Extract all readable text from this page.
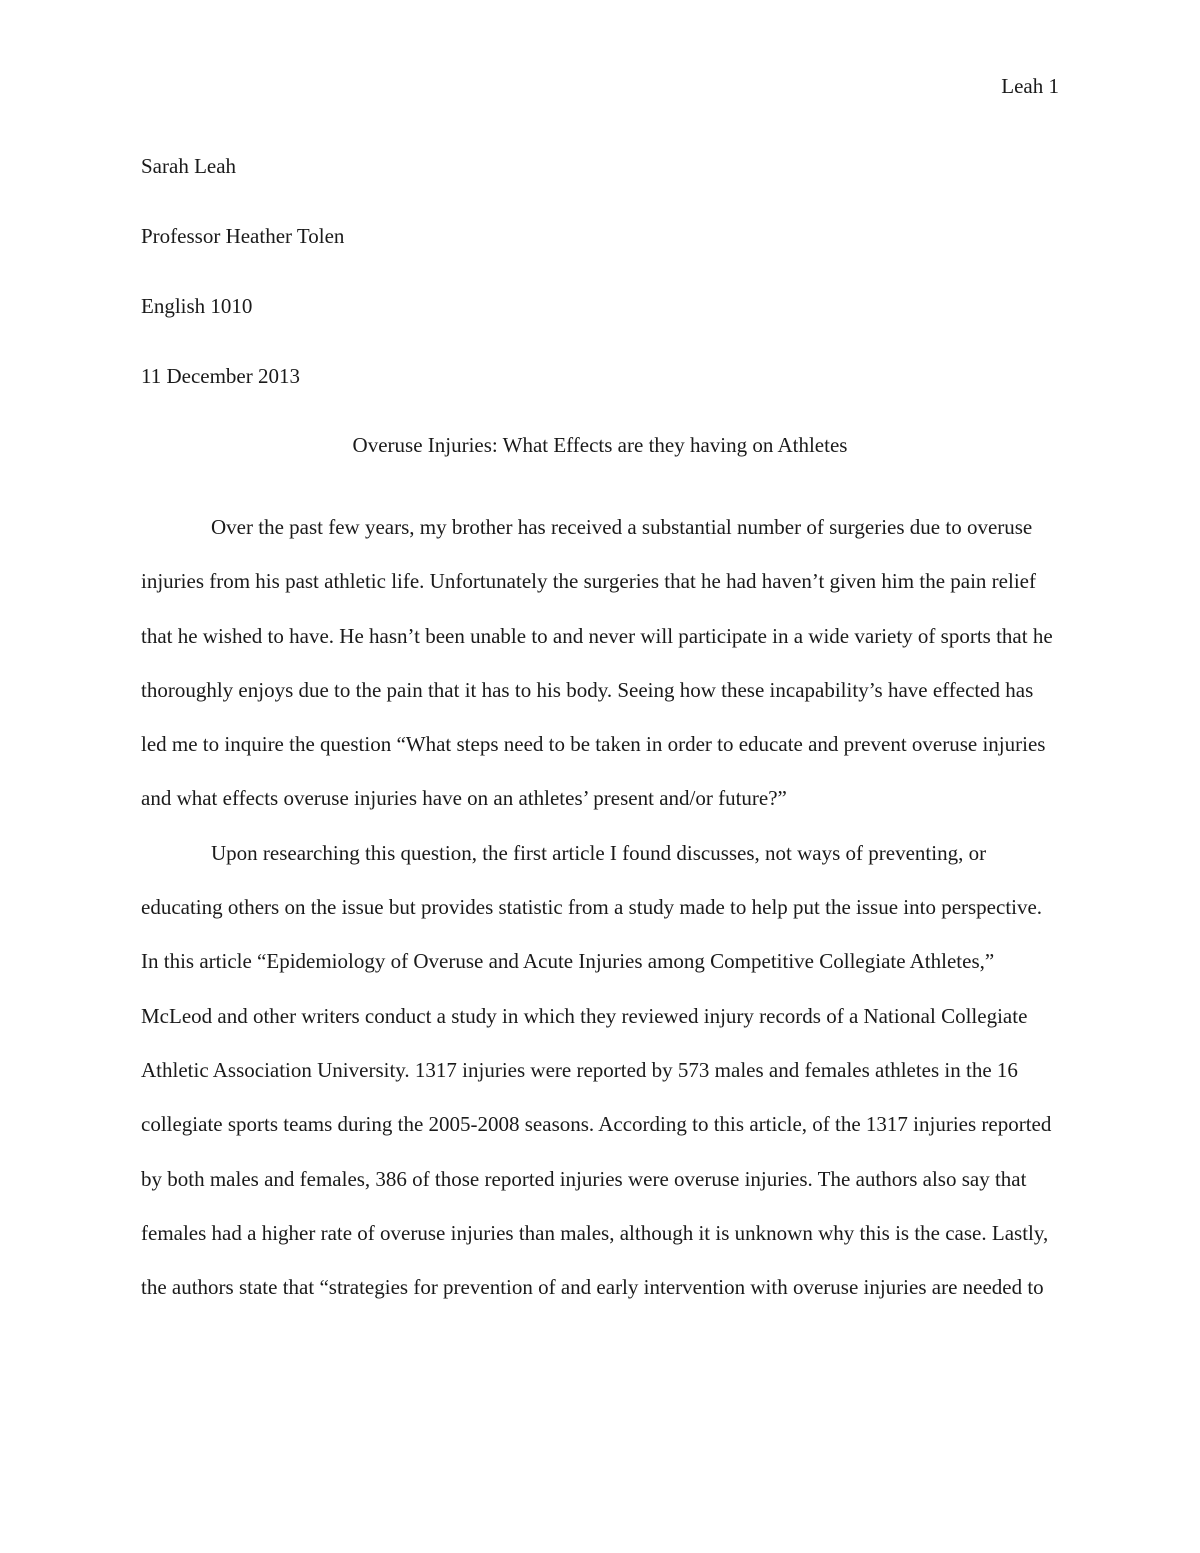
Leah 1
Sarah Leah
Professor Heather Tolen
English 1010
11 December 2013
Overuse Injuries: What Effects are they having on Athletes

Over the past few years, my brother has received a substantial number of surgeries due to overuse injuries from his past athletic life. Unfortunately the surgeries that he had haven’t given him the pain relief that he wished to have. He hasn’t been unable to and never will participate in a wide variety of sports that he thoroughly enjoys due to the pain that it has to his body. Seeing how these incapability’s have effected has led me to inquire the question “What steps need to be taken in order to educate and prevent overuse injuries and what effects overuse injuries have on an athletes’ present and/or future?”

Upon researching this question, the first article I found discusses, not ways of preventing, or educating others on the issue but provides statistic from a study made to help put the issue into perspective. In this article “Epidemiology of Overuse and Acute Injuries among Competitive Collegiate Athletes,” McLeod and other writers conduct a study in which they reviewed injury records of a National Collegiate Athletic Association University. 1317 injuries were reported by 573 males and females athletes in the 16 collegiate sports teams during the 2005-2008 seasons. According to this article, of the 1317 injuries reported by both males and females, 386 of those reported injuries were overuse injuries. The authors also say that females had a higher rate of overuse injuries than males, although it is unknown why this is the case. Lastly, the authors state that “strategies for prevention of and early intervention with overuse injuries are needed to
